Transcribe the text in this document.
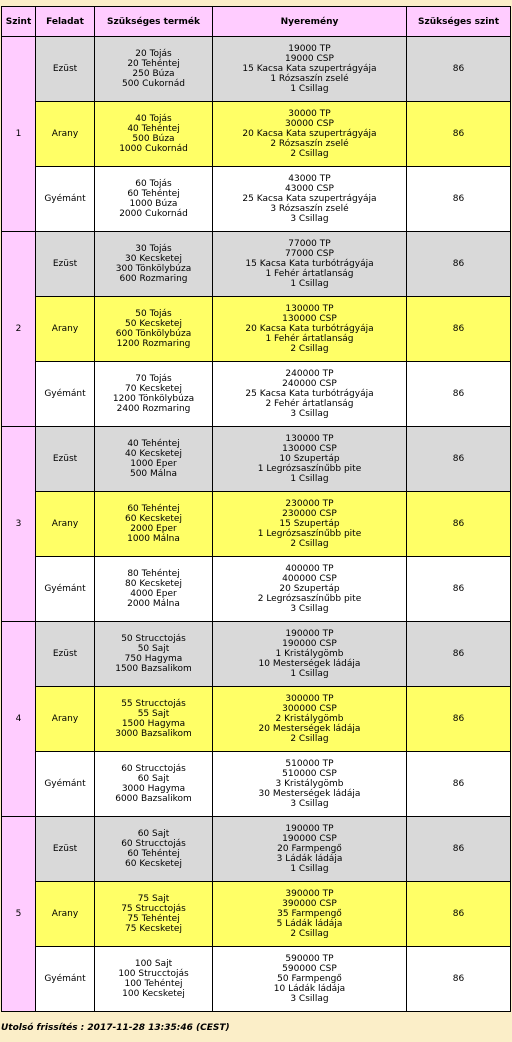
Szint	Feladat	Szükséges termék	Nyeremény	Szükséges szint
1	Ezüst	20 Tojás
20 Tehéntej
250 Búza
500 Cukornád	19000 TP
19000 CSP
15 Kacsa Kata szupertrágyája
1 Rózsaszín zselé
1 Csillag	86
	Arany	40 Tojás
40 Tehéntej
500 Búza
1000 Cukornád	30000 TP
30000 CSP
20 Kacsa Kata szupertrágyája
2 Rózsaszín zselé
2 Csillag	86
	Gyémánt	60 Tojás
60 Tehéntej
1000 Búza
2000 Cukornád	43000 TP
43000 CSP
25 Kacsa Kata szupertrágyája
3 Rózsaszín zselé
3 Csillag	86
2	Ezüst	30 Tojás
30 Kecsketej
300 Tönkölybúza
600 Rozmaring	77000 TP
77000 CSP
15 Kacsa Kata turbótrágyája
1 Fehér ártatlanság
1 Csillag	86
	Arany	50 Tojás
50 Kecsketej
600 Tönkölybúza
1200 Rozmaring	130000 TP
130000 CSP
20 Kacsa Kata turbótrágyája
1 Fehér ártatlanság
2 Csillag	86
	Gyémánt	70 Tojás
70 Kecsketej
1200 Tönkölybúza
2400 Rozmaring	240000 TP
240000 CSP
25 Kacsa Kata turbótrágyája
2 Fehér ártatlanság
3 Csillag	86
3	Ezüst	40 Tehéntej
40 Kecsketej
1000 Eper
500 Málna	130000 TP
130000 CSP
10 Szupertáp
1 Legrózsaszínűbb pite
1 Csillag	86
	Arany	60 Tehéntej
60 Kecsketej
2000 Eper
1000 Málna	230000 TP
230000 CSP
15 Szupertáp
1 Legrózsaszínűbb pite
2 Csillag	86
	Gyémánt	80 Tehéntej
80 Kecsketej
4000 Eper
2000 Málna	400000 TP
400000 CSP
20 Szupertáp
2 Legrózsaszínűbb pite
3 Csillag	86
4	Ezüst	50 Strucctojás
50 Sajt
750 Hagyma
1500 Bazsalikom	190000 TP
190000 CSP
1 Kristálygömb
10 Mesterségek ládája
1 Csillag	86
	Arany	55 Strucctojás
55 Sajt
1500 Hagyma
3000 Bazsalikom	300000 TP
300000 CSP
2 Kristálygömb
20 Mesterségek ládája
2 Csillag	86
	Gyémánt	60 Strucctojás
60 Sajt
3000 Hagyma
6000 Bazsalikom	510000 TP
510000 CSP
3 Kristálygömb
30 Mesterségek ládája
3 Csillag	86
5	Ezüst	60 Sajt
60 Strucctojás
60 Tehéntej
60 Kecsketej	190000 TP
190000 CSP
20 Farmpengő
3 Ládák ládája
1 Csillag	86
	Arany	75 Sajt
75 Strucctojás
75 Tehéntej
75 Kecsketej	390000 TP
390000 CSP
35 Farmpengő
5 Ládák ládája
2 Csillag	86
	Gyémánt	100 Sajt
100 Strucctojás
100 Tehéntej
100 Kecsketej	590000 TP
590000 CSP
50 Farmpengő
10 Ládák ládája
3 Csillag	86
Utolsó frissítés : 2017-11-28 13:35:46 (CEST)
